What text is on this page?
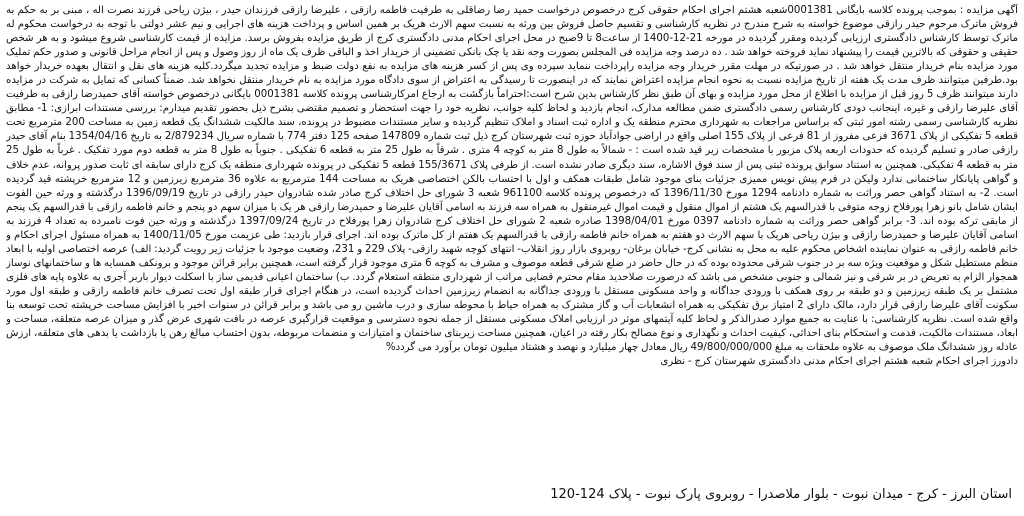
آگهی مزایده : بموجب پرونده کلاسه بایگانی 0001381شعبه هشتم اجرای احکام حقوقی کرج درخصوص درخواست حمید رضا رضاقلی به طرفیت فاطمه رازقی ، علیرضا رازقی فرزندان حیدر ، بیژن ریاحی فرزند نصرت اله ، مبنی بر به حکم به فروش ماترک مرحوم حیدر رازقی موضوع خواسته به شرح مندرج در نظریه کارشناسی و تقسیم حاصل فروش بین ورثه به نسبت سهم الارث هریک بر همین اساس و پرداخت هزینه های اجرایی و نیم عشر دولتی با توجه به درخواست محکوم له ماترک توسط کارشناس دادگستری ارزیابی گردیده ومقرر گردیده در مورخه 21-12-1400 از ساعت8 تا 9صبح در محل اجرای احکام مدنی دادگستری کرج از طریق مزایده بفروش برسد. مزایده از قیمت کارشناسی شروع میشود و به هر شخص حقیقی و حقوقی که بالاترین قیمت را پیشنهاد نماید فروخته خواهد شد . ده درصد وجه مزایده فی المجلس بصورت وجه نقد یا چک بانکی تضمینی از خریدار اخذ و الباقی ظرف یک ماه از روز وصول و پس از انجام مراحل قانونی و صدور حکم تملیک مورد مزایده بنام خریدار منتقل خواهد شد . در صورتیکه در مهلت مقرر خریدار وجه مزایده راپرداخت ننماید سپرده وی پس از کسر هزینه های مزایده به نفع دولت ضبط و مزایده تجدید میگردد.کلیه هزینه های نقل و انتقال بعهده خریدار خواهد بود.طرفین میتوانند ظرف مدت یک هفته از تاریخ مزایده نسبت به نحوه انجام مزایده اعتراض نمایند که در اینصورت تا رسیدگی به اعتراض از سوی دادگاه مورد مزایده به نام خریدار منتقل نخواهد شد. ضمناً کسانی که تمایل به شرکت در مزایده دارند میتوانند ظرف 5 روز قبل از مزایده با اطلاع از محل مورد مزایده و بهای آن طبق نظر کارشناس بدین شرح است:احتراماً بازگشت به ارجاع امرکارشناسی پرونده کلاسه 0001381 بایگانی درخصوص خواسته آقای حمیدرضا رازقی به طرفیت آقای علیرضا رازقی و غیره، اینجانب دودی کارشناس رسمی دادگستری ضمن مطالعه مدارک، انجام بازدید و لحاظ کلیه جوانب، نظریه خود را جهت استحضار و تصمیم مقتضی بشرح ذیل بحضور تقدیم میدارم: بررسی مستندات ابرازی: 1- مطابق نظریه کارشناسی رسمی رشته امور ثبتی که براساس مراجعات به شهرداری محترم منطقه یک و اداره ثبت اسناد و املاک تنظیم گردیده و سایر مستندات مضبوط در پرونده، سند مالکیت ششدانگ یک قطعه زمین به مساحت 200 مترمربع تحت قطعه 5 تفکیکی از پلاک 3671 فرعی مفروز از 81 فرعی از پلاک 155 اصلی واقع در اراضی جوادآباد حوزه ثبت شهرستان کرج ذیل ثبت شماره 147809 صفحه 125 دفتر 774 با شماره سریال 2/879234 به تاریخ 1354/04/16 بنام آقای حیدر رازقی صادر و تسلیم گردیده که حدودات اربعه پلاک مزبور با مشخصات زیر قید شده است : - شمالاً به طول 8 متر به کوچه 4 متری . شرقاً به طول 25 متر به قطعه 6 تفکیکی . جنوباً به طول 8 متر به قطعه دوم مورد تفکیک . غرباً به طول 25 متر به قطعه 4 تفکیکی. همچنین به استناد سوابق پرونده ثبتی پس از سند فوق الاشاره، سند دیگری صادر نشده است. از طرفی پلاک 155/3671 قطعه 5 تفکیکی در پرونده شهرداری منطقه یک کرج دارای سابقه ای ثابت صدور پروانه، عدم خلاف و گواهی پایانکار ساختمانی ندارد ولیکن در فرم پیش نویس ممیزی جزئیات بنای موجود شامل طبقات همکف و اول با احتساب بالکن اختصاصی هریک به مساحت 144 مترمربع به علاوه 36 مترمربع زیرزمین و 12 مترمربع خرپشته قید گردیده است. 2- به استناد گواهی حصر وراثت به شماره دادنامه 1294 مورخ 1396/11/30 که درخصوص پرونده کلاسه 961100 شعبه 3 شورای حل اختلاف کرج صادر شده شادروان حیدر رازقی در تاریخ 1396/09/19 درگذشته و ورثه حین الفوت ایشان شامل بانو زهرا پورفلاح زوجه متوفی با قدرالسهم یک هشتم از اموال منقول و قیمت اموال غیرمنقول به همراه سه فرزند به اسامی آقایان علیرضا و حمیدرضا رازقی هر یک با میزان سهم دو پنجم و خانم فاطمه رازقی با قدرالسهم یک پنجم از مابقی ترکه بوده اند. 3- برابر گواهی حصر وراثت به شماره دادنامه 0397 مورخ 1398/04/01 صادره شعبه 2 شورای حل اختلاف کرج شادروان زهرا پورفلاح در تاریخ 1397/09/24 درگذشته و ورثه حین فوت نامبرده به تعداد 4 فرزند به اسامی آقایان علیرضا و حمیدرضا رازقی و بیژن ریاحی هریک با سهم الارث دو هفتم به همراه خانم فاطمه رازقی با قدرالسهم یک هفتم از کل ماترک بوده اند. اجرای قرار بازدید: طی عزیمت مورخ 1400/11/05 به همراه مسئول اجرای احکام و خانم فاطمه رازقی به عنوان نماینده اشخاص محکوم علیه به محل به نشانی کرج- خیابان برغان- روبروی بازار روز انقلاب- انتهای کوچه شهید رازقی- پلاک 229 و 231، وضعیت موجود با جزئیات زیر رویت گردید: الف) عرصه اختصاصی اولیه با ابعاد منظم مستطیل شکل و موقعیت ویژه سه بر در جنوب شرقی محدوده بوده که در حال حاضر در ضلع شرقی قطعه موصوف و مشرف به کوچه 6 متری موجود قرار گرفته است، همچنین برابر قرائن موجود و برونکف همسایه ها و ساختمانهای نوساز همجوار الزام به تعریض در بر شرقی و نیز شمالی و جنوبی مشخص می باشد که درصورت صلاحدید مقام محترم قضایی مراتب از شهرداری منطقه استعلام گردد. ب) ساختمان اعیانی قدیمی ساز با اسکلت دیوار باربر آجری به علاوه پایه های فلزی مشتمل بر یک طبقه زیرزمین و دو طبقه بر روی همکف با ورودی جداگانه و واحد مسکونی مستقل با ورودی جداگانه به انضمام زیرزمین احداث گردیده است، در هنگام اجرای قرار طبقه اول تحت تصرف خانم فاطمه رازقی و طبقه اول مورد سکونت آقای علیرضا رازقی قرار دارد، مالک دارای 2 امتیاز برق تفکیکی به همراه انشعابات آب و گاز مشترک به همراه حیاط با محوطه سازی و درب ماشین رو می باشد و برابر قرائن در سنوات اخیر با افزایش مساحت خرپشته تحت توسعه بنا واقع شده است. نظریه کارشناسی: با عنایت به جمیع موارد صدرالذکر و لحاظ کلیه آیتمهای موثر در ارزیابی املاک مسکونی مستقل از جمله نحوه دسترسی و موقعیت قرارگیری عرصه در بافت شهری عرض گذر و میزان عرصه متعلقه، مساحت و ابعاد، مستندات مالکیت، قدمت و استحکام بنای احداثی، کیفیت احداث و نگهداری و نوع مصالح بکار رفته در اعیان، همچنین مساحت زیربنای ساختمان و امتیازات و منضمات مربوطه، بدون احتساب مبالغ رهن یا بازداشت یا بدهی های متعلقه، ارزش عادله روز ششدانگ ملک موصوف به علاوه ملحقات به مبلغ 49/800/000/000 ریال معادل چهار میلیارد و نهصد و هشتاد میلیون تومان برآورد می گردد%
دادورز اجرای احکام شعبه هشتم اجرای احکام مدنی دادگستری شهرستان کرج - نظری
استان البرز - کرج - میدان نبوت - بلوار ملاصدرا - روبروی پارک نبوت - پلاک 124-120
